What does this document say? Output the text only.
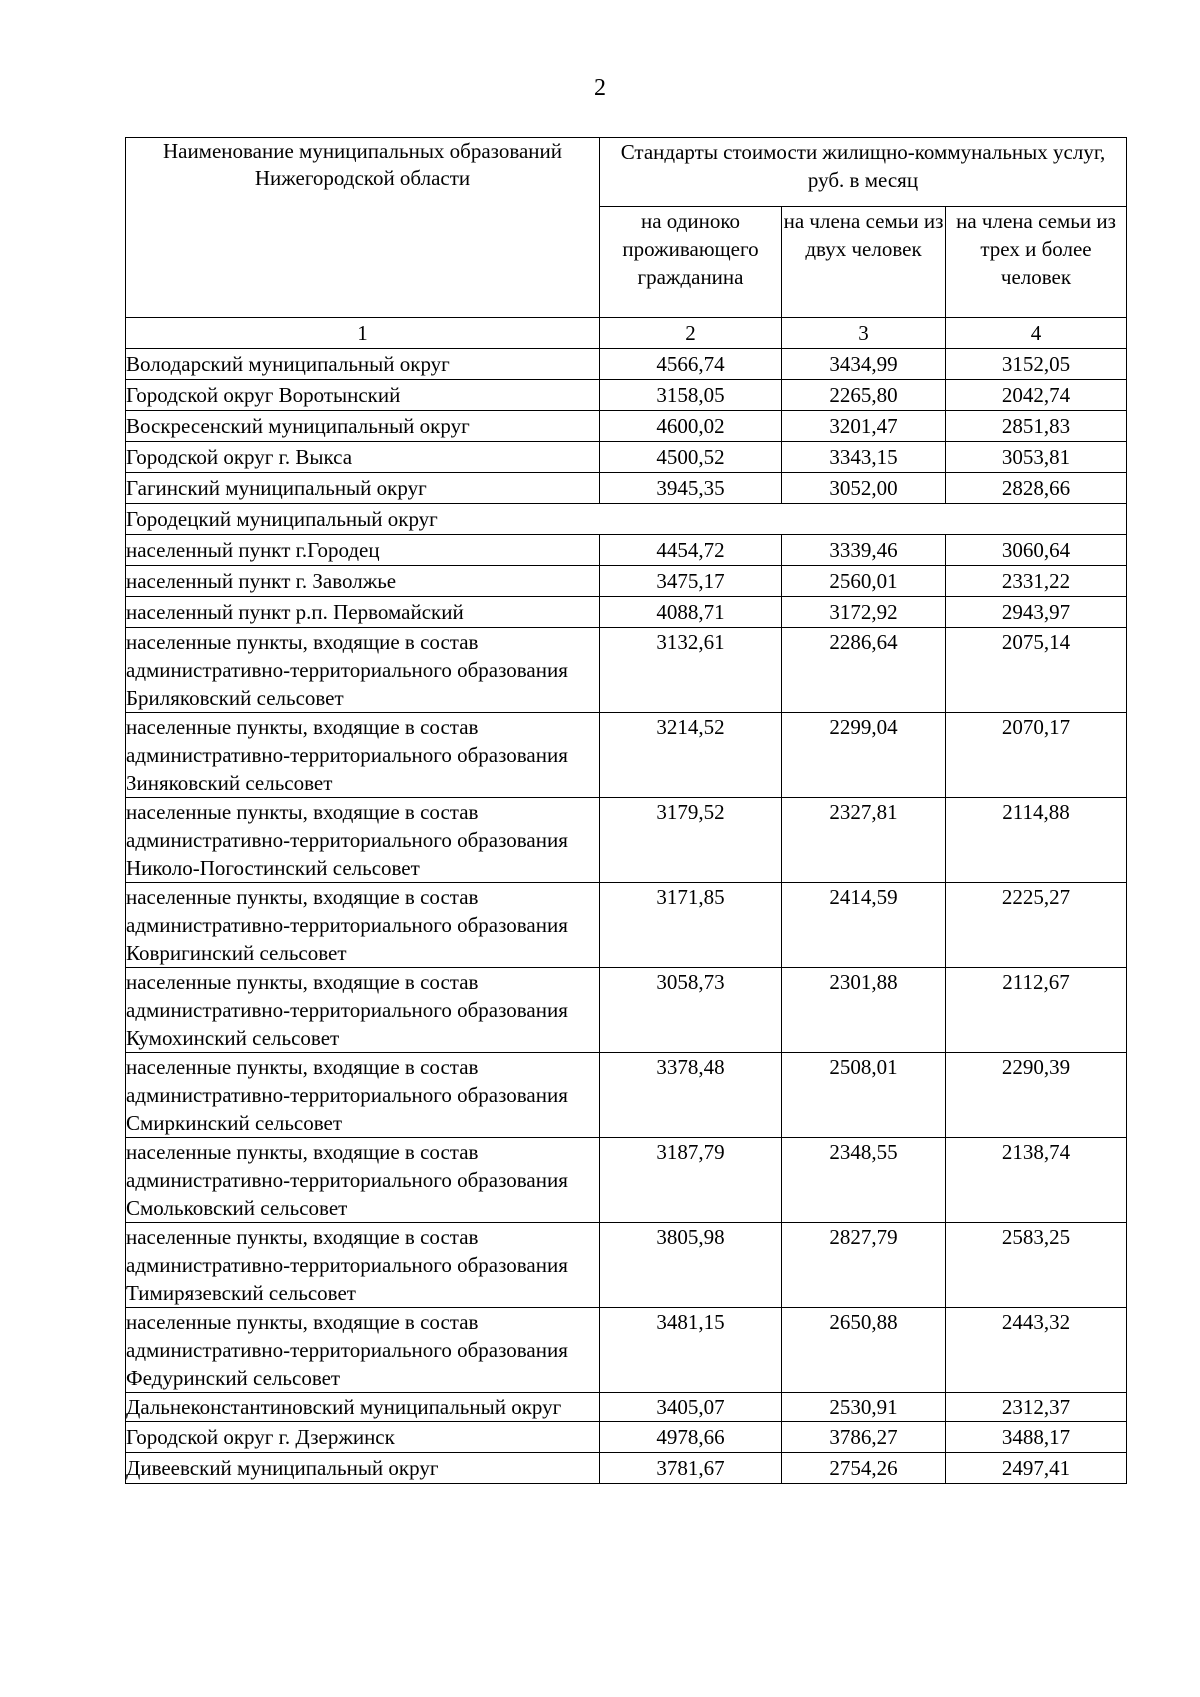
2
Наименование муниципальных образований Нижегородской области	Стандарты стоимости жилищно-коммунальных услуг, руб. в месяц		
	на одиноко проживающего гражданина	на члена семьи из двух человек	на члена семьи из трех и более человек
1	2	3	4
Володарский муниципальный округ	4566,74	3434,99	3152,05
Городской округ Воротынский	3158,05	2265,80	2042,74
Воскресенский муниципальный округ	4600,02	3201,47	2851,83
Городской округ г. Выкса	4500,52	3343,15	3053,81
Гагинский муниципальный округ	3945,35	3052,00	2828,66
Городецкий муниципальный округ			
населенный пункт г.Городец	4454,72	3339,46	3060,64
населенный пункт г. Заволжье	3475,17	2560,01	2331,22
населенный пункт р.п. Первомайский	4088,71	3172,92	2943,97
населенные пункты, входящие в состав административно-территориального образования Бриляковский сельсовет	3132,61	2286,64	2075,14
населенные пункты, входящие в состав административно-территориального образования Зиняковский сельсовет	3214,52	2299,04	2070,17
населенные пункты, входящие в состав административно-территориального образования Николо-Погостинский сельсовет	3179,52	2327,81	2114,88
населенные пункты, входящие в состав административно-территориального образования Ковригинский сельсовет	3171,85	2414,59	2225,27
населенные пункты, входящие в состав административно-территориального образования Кумохинский сельсовет	3058,73	2301,88	2112,67
населенные пункты, входящие в состав административно-территориального образования Смиркинский сельсовет	3378,48	2508,01	2290,39
населенные пункты, входящие в состав административно-территориального образования Смольковский сельсовет	3187,79	2348,55	2138,74
населенные пункты, входящие в состав административно-территориального образования Тимирязевский сельсовет	3805,98	2827,79	2583,25
населенные пункты, входящие в состав административно-территориального образования Федуринский сельсовет	3481,15	2650,88	2443,32
Дальнеконстантиновский муниципальный округ	3405,07	2530,91	2312,37
Городской округ г. Дзержинск	4978,66	3786,27	3488,17
Дивеевский муниципальный округ	3781,67	2754,26	2497,41
